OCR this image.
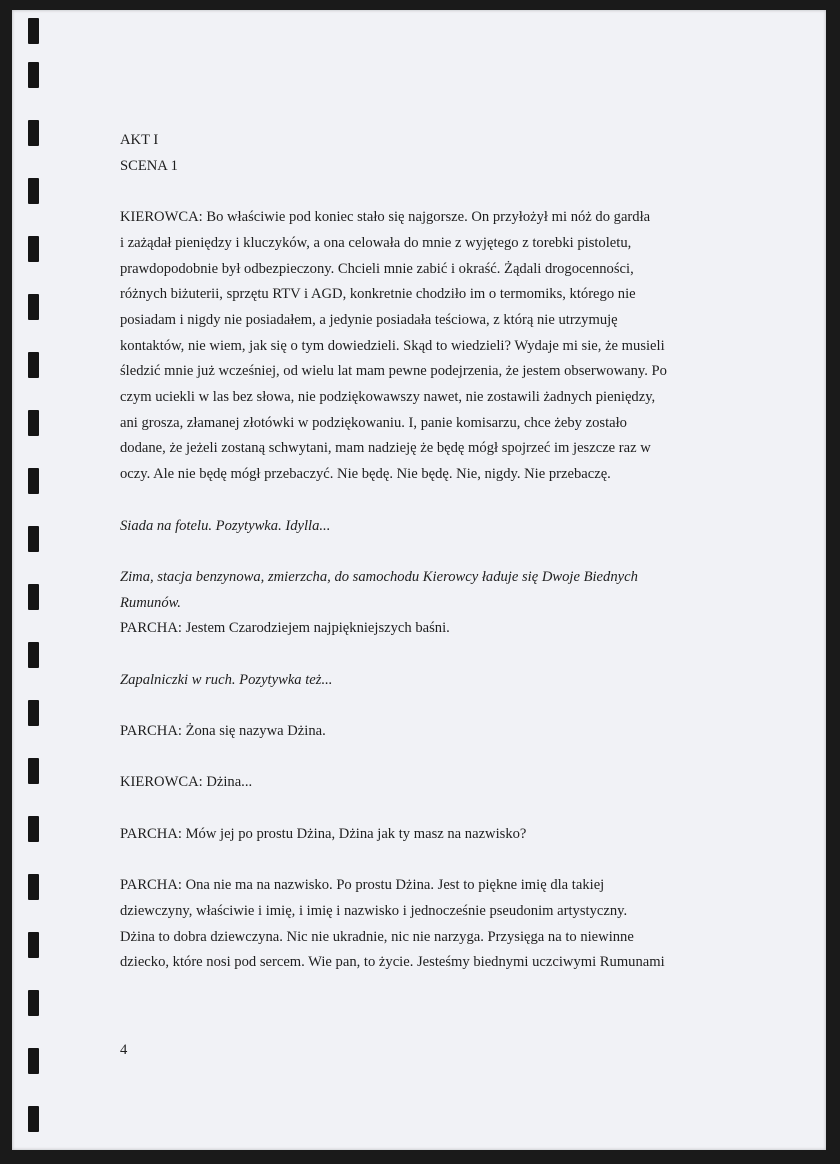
AKT I

SCENA 1

KIEROWCA: Bo właściwie pod koniec stało się najgorsze. On przyłożył mi nóż do gardła

i zażądał pieniędzy i kluczyków, a ona celowała do mnie z wyjętego z torebki pistoletu,

prawdopodobnie był odbezpieczony. Chcieli mnie zabić i okraść. Żądali drogocenności,

różnych biżuterii, sprzętu RTV i AGD, konkretnie chodziło im o termomiks, którego nie

posiadam i nigdy nie posiadałem, a jedynie posiadała teściowa, z którą nie utrzymuję

kontaktów, nie wiem, jak się o tym dowiedzieli. Skąd to wiedzieli? Wydaje mi sie, że musieli

śledzić mnie już wcześniej, od wielu lat mam pewne podejrzenia, że jestem obserwowany. Po

czym uciekli w las bez słowa, nie podziękowawszy nawet, nie zostawili żadnych pieniędzy,

ani grosza, złamanej złotówki w podziękowaniu. I, panie komisarzu, chce żeby zostało

dodane, że jeżeli zostaną schwytani, mam nadzieję że będę mógł spojrzeć im jeszcze raz w

oczy. Ale nie będę mógł przebaczyć. Nie będę. Nie będę. Nie, nigdy. Nie przebaczę.

Siada na fotelu. Pozytywka. Idylla...

Zima, stacja benzynowa, zmierzcha, do samochodu Kierowcy ładuje się Dwoje Biednych

Rumunów.

PARCHA: Jestem Czarodziejem najpiękniejszych baśni.

Zapalniczki w ruch. Pozytywka też...

PARCHA: Żona się nazywa Dżina.

KIEROWCA: Dżina...

PARCHA: Mów jej po prostu Dżina, Dżina jak ty masz na nazwisko?

PARCHA: Ona nie ma na nazwisko. Po prostu Dżina. Jest to piękne imię dla takiej

dziewczyny, właściwie i imię, i imię i nazwisko i jednocześnie pseudonim artystyczny.

Dżina to dobra dziewczyna. Nic nie ukradnie, nic nie narzyga. Przysięga na to niewinne

dziecko, które nosi pod sercem. Wie pan, to życie. Jesteśmy biednymi uczciwymi Rumunami

4
